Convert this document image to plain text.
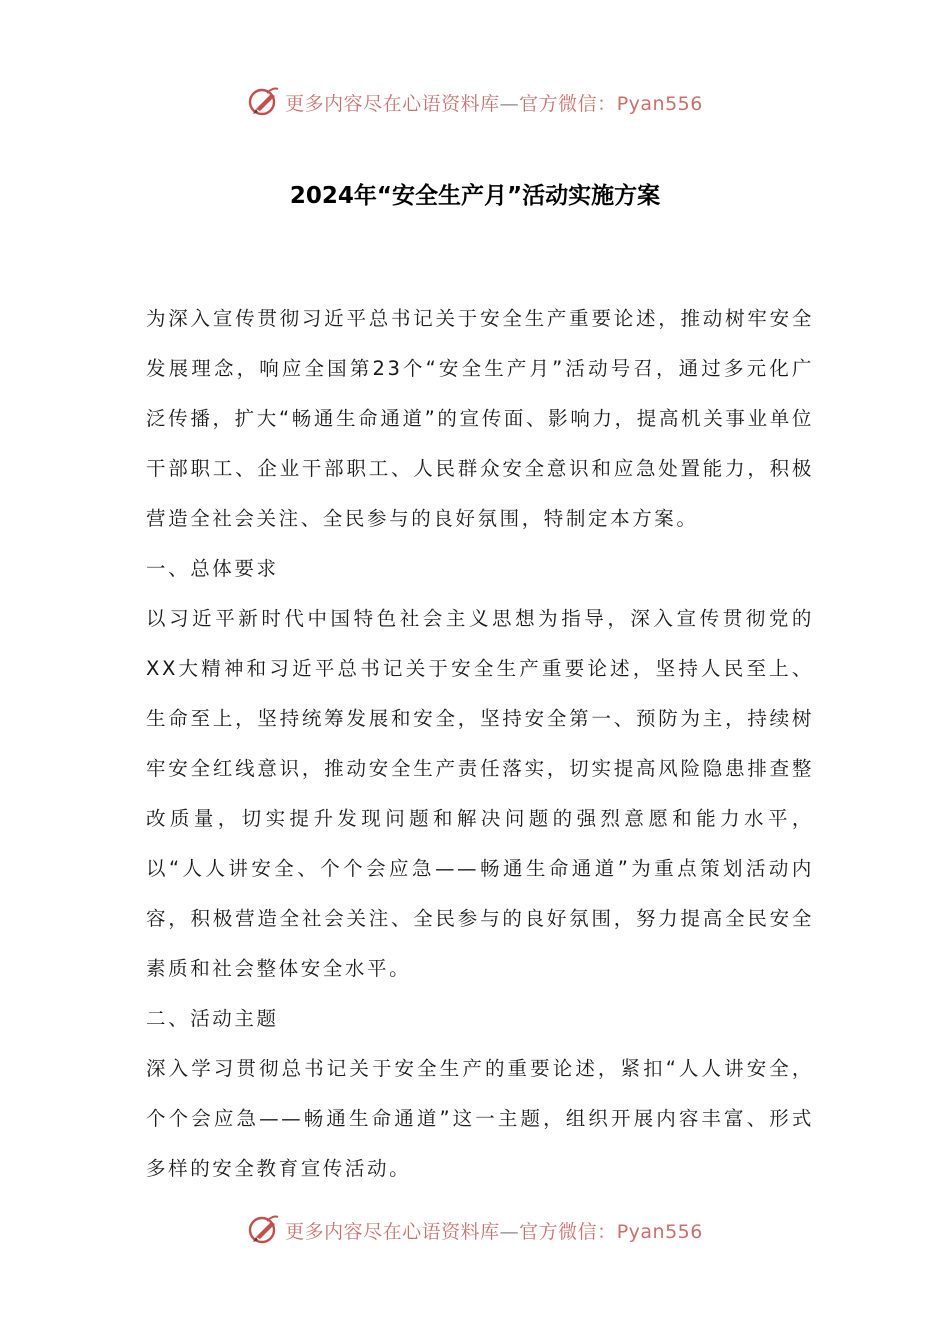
更多内容尽在心语资料库—官方微信：Pyan556
2024年“安全生产月”活动实施方案

为深入宣传贯彻习近平总书记关于安全生产重要论述，推动树牢安全发展理念，响应全国第23个“安全生产月”活动号召，通过多元化广泛传播，扩大“畅通生命通道”的宣传面、影响力，提高机关事业单位干部职工、企业干部职工、人民群众安全意识和应急处置能力，积极营造全社会关注、全民参与的良好氛围，特制定本方案。

一、总体要求

以习近平新时代中国特色社会主义思想为指导，深入宣传贯彻党的XX大精神和习近平总书记关于安全生产重要论述，坚持人民至上、生命至上，坚持统筹发展和安全，坚持安全第一、预防为主，持续树牢安全红线意识，推动安全生产责任落实，切实提高风险隐患排查整改质量，切实提升发现问题和解决问题的强烈意愿和能力水平，以“人人讲安全、个个会应急——畅通生命通道”为重点策划活动内容，积极营造全社会关注、全民参与的良好氛围，努力提高全民安全素质和社会整体安全水平。

二、活动主题

深入学习贯彻总书记关于安全生产的重要论述，紧扣“人人讲安全，个个会应急——畅通生命通道”这一主题，组织开展内容丰富、形式多样的安全教育宣传活动。

更多内容尽在心语资料库—官方微信：Pyan556
